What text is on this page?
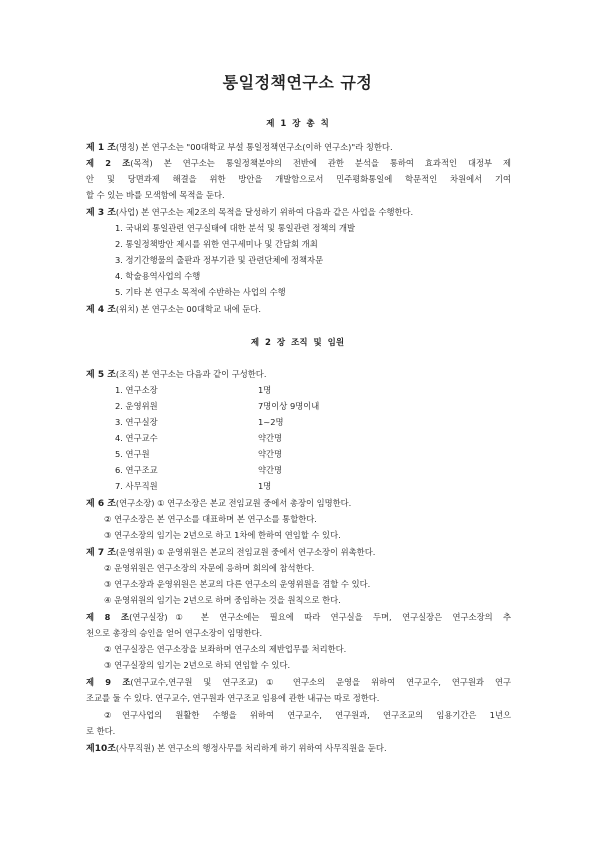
통일정책연구소 규정
제 1 장 총 칙
제 1 조(명칭) 본 연구소는 "00대학교 부설 통일정책연구소(이하 연구소)"라 칭한다.
제 2 조(목적) 본 연구소는 통일정책분야의 전반에 관한 분석을 통하여 효과적인 대정부 제
안 및 당면과제 해결을 위한 방안을 개발함으로서 민주평화통일에 학문적인 차원에서 기여
할 수 있는 바를 모색함에 목적을 둔다.
제 3 조(사업) 본 연구소는 제2조의 목적을 달성하기 위하여 다음과 같은 사업을 수행한다.
1. 국내외 통일관련 연구실태에 대한 분석 및 통일관련 정책의 개발
2. 통일정책방안 제시를 위한 연구세미나 및 간담회 개최
3. 정기간행물의 출판과 정부기관 및 관련단체에 정책자문
4. 학술용역사업의 수행
5. 기타 본 연구소 목적에 수반하는 사업의 수행
제 4 조(위치) 본 연구소는 00대학교 내에 둔다.
제 2 장 조직 및 임원
제 5 조(조직) 본 연구소는 다음과 같이 구성한다.
1. 연구소장	1명
2. 운영위원	7명이상 9명이내
3. 연구실장	1~2명
4. 연구교수	약간명
5. 연구원	약간명
6. 연구조교	약간명
7. 사무직원	1명
제 6 조(연구소장) ① 연구소장은 본교 전임교원 중에서 총장이 임명한다.
② 연구소장은 본 연구소를 대표하며 본 연구소를 통할한다.
③ 연구소장의 임기는 2년으로 하고 1차에 한하여 연임할 수 있다.
제 7 조(운영위원) ① 운영위원은 본교의 전임교원 중에서 연구소장이 위촉한다.
② 운영위원은 연구소장의 자문에 응하며 회의에 참석한다.
③ 연구소장과 운영위원은 본교의 다른 연구소의 운영위원을 겸할 수 있다.
④ 운영위원의 임기는 2년으로 하며 중임하는 것을 원칙으로 한다.
제 8 조(연구실장)① 본 연구소에는 필요에 따라 연구실을 두며, 연구실장은 연구소장의 추
천으로 총장의 승인을 얻어 연구소장이 임명한다.
② 연구실장은 연구소장을 보좌하며 연구소의 제반업무를 처리한다.
③ 연구실장의 임기는 2년으로 하되 연임할 수 있다.
제 9 조(연구교수,연구원 및 연구조교)① 연구소의 운영을 위하여 연구교수, 연구원과 연구
조교를 둘 수 있다. 연구교수, 연구원과 연구조교 임용에 관한 내규는 따로 정한다.
②연구사업의 원활한 수행을 위하여 연구교수, 연구원과, 연구조교의 임용기간은 1년으
로 한다.
제10조(사무직원) 본 연구소의 행정사무를 처리하게 하기 위하여 사무직원을 둔다.
